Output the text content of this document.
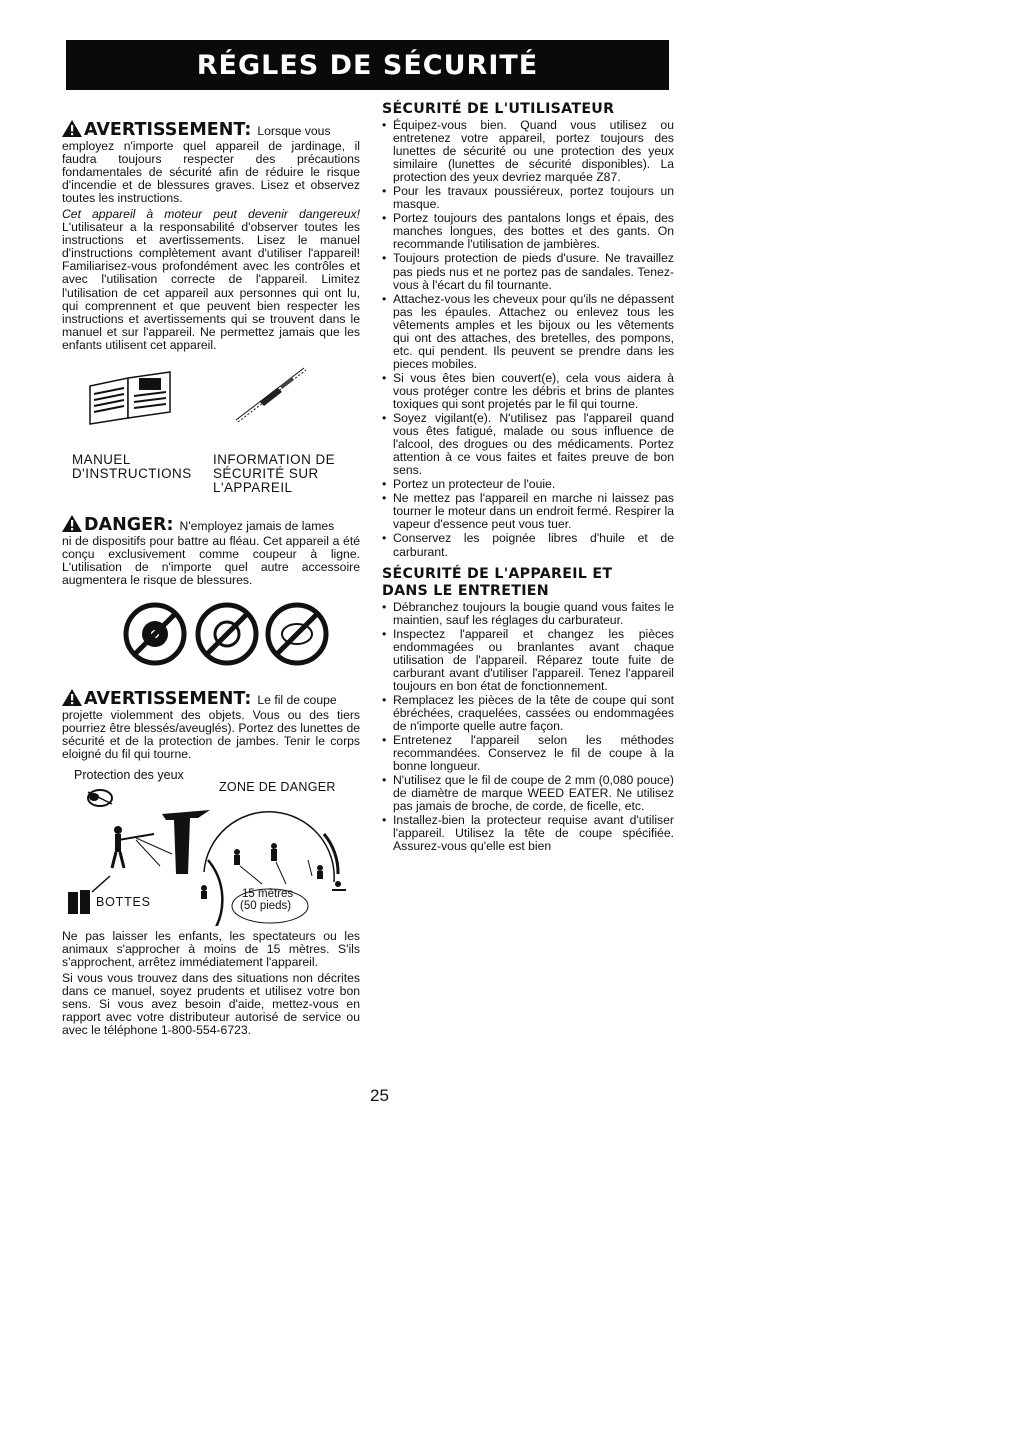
RÉGLES DE SÉCURITÉ
AVERTISSEMENT: Lorsque vous

employez n'importe quel appareil de jardinage, il faudra toujours respecter des précautions fondamentales de sécurité afin de réduire le risque d'incendie et de blessures graves. Lisez et observez toutes les instructions.

Cet appareil à moteur peut devenir dangereux! L'utilisateur a la responsabilité d'observer toutes les instructions et avertissements. Lisez le manuel d'instructions complètement avant d'utiliser l'appareil! Familiarisez-vous profondément avec les contrôles et avec l'utilisation correcte de l'appareil. Limitez l'utilisation de cet appareil aux personnes qui ont lu, qui comprennent et que peuvent bien respecter les instructions et avertissements qui se trouvent dans le manuel et sur l'appareil. Ne permettez jamais que les enfants utilisent cet appareil.

MANUEL
D'INSTRUCTIONS
INFORMATION DE
SÉCURITÉ SUR
L'APPAREIL
DANGER: N'employez jamais de lames

ni de dispositifs pour battre au fléau. Cet appareil a été conçu exclusivement comme coupeur à ligne. L'utilisation de n'importe quel autre accessoire augmentera le risque de blessures.

AVERTISSEMENT: Le fil de coupe

projette violemment des objets. Vous ou des tiers pourriez être blessés/aveuglés). Portez des lunettes de sécurité et de la protection de jambes. Tenir le corps eloigné du fil qui tourne.

Protection des yeux
ZONE DE DANGER
BOTTES
15 mètres
(50 pieds)

Ne pas laisser les enfants, les spectateurs ou les animaux s'approcher à moins de 15 mètres. S'ils s'approchent, arrêtez immédiatement l'appareil.

Si vous vous trouvez dans des situations non décrites dans ce manuel, soyez prudents et utilisez votre bon sens. Si vous avez besoin d'aide, mettez-vous en rapport avec votre distributeur autorisé de service ou avec le téléphone 1-800-554-6723.

SÉCURITÉ DE L'UTILISATEUR
• Équipez-vous bien. Quand vous utilisez ou entretenez votre appareil, portez toujours des lunettes de sécurité ou une protection des yeux similaire (lunettes de sécurité disponibles). La protection des yeux devriez marquée Z87.
• Pour les travaux poussiéreux, portez toujours un masque.
• Portez toujours des pantalons longs et épais, des manches longues, des bottes et des gants. On recommande l'utilisation de jambières.
• Toujours protection de pieds d'usure. Ne travaillez pas pieds nus et ne portez pas de sandales. Tenez-vous à l'écart du fil tournante.
• Attachez-vous les cheveux pour qu'ils ne dépassent pas les épaules. Attachez ou enlevez tous les vêtements amples et les bijoux ou les vêtements qui ont des attaches, des bretelles, des pompons, etc. qui pendent. Ils peuvent se prendre dans les pieces mobiles.
• Si vous êtes bien couvert(e), cela vous aidera à vous protéger contre les débris et brins de plantes toxiques qui sont projetés par le fil qui tourne.
• Soyez vigilant(e). N'utilisez pas l'appareil quand vous êtes fatigué, malade ou sous influence de l'alcool, des drogues ou des médicaments. Portez attention à ce vous faites et faites preuve de bon sens.
• Portez un protecteur de l'ouie.
• Ne mettez pas l'appareil en marche ni laissez pas tourner le moteur dans un endroit fermé. Respirer la vapeur d'essence peut vous tuer.
• Conservez les poignée libres d'huile et de carburant.
SÉCURITÉ DE L'APPAREIL ET
DANS LE ENTRETIEN
• Débranchez toujours la bougie quand vous faites le maintien, sauf les réglages du carburateur.
• Inspectez l'appareil et changez les pièces endommagées ou branlantes avant chaque utilisation de l'appareil. Réparez toute fuite de carburant avant d'utiliser l'appareil. Tenez l'appareil toujours en bon état de fonctionnement.
• Remplacez les pièces de la tête de coupe qui sont ébréchées, craquelées, cassées ou endommagées de n'importe quelle autre façon.
• Entretenez l'appareil selon les méthodes recommandées. Conservez le fil de coupe à la bonne longueur.
• N'utilisez que le fil de coupe de 2 mm (0,080 pouce) de diamètre de marque WEED EATER. Ne utilisez pas jamais de broche, de corde, de ficelle, etc.
• Installez-bien la protecteur requise avant d'utiliser l'appareil. Utilisez la tête de coupe spécifiée. Assurez-vous qu'elle est bien
25
